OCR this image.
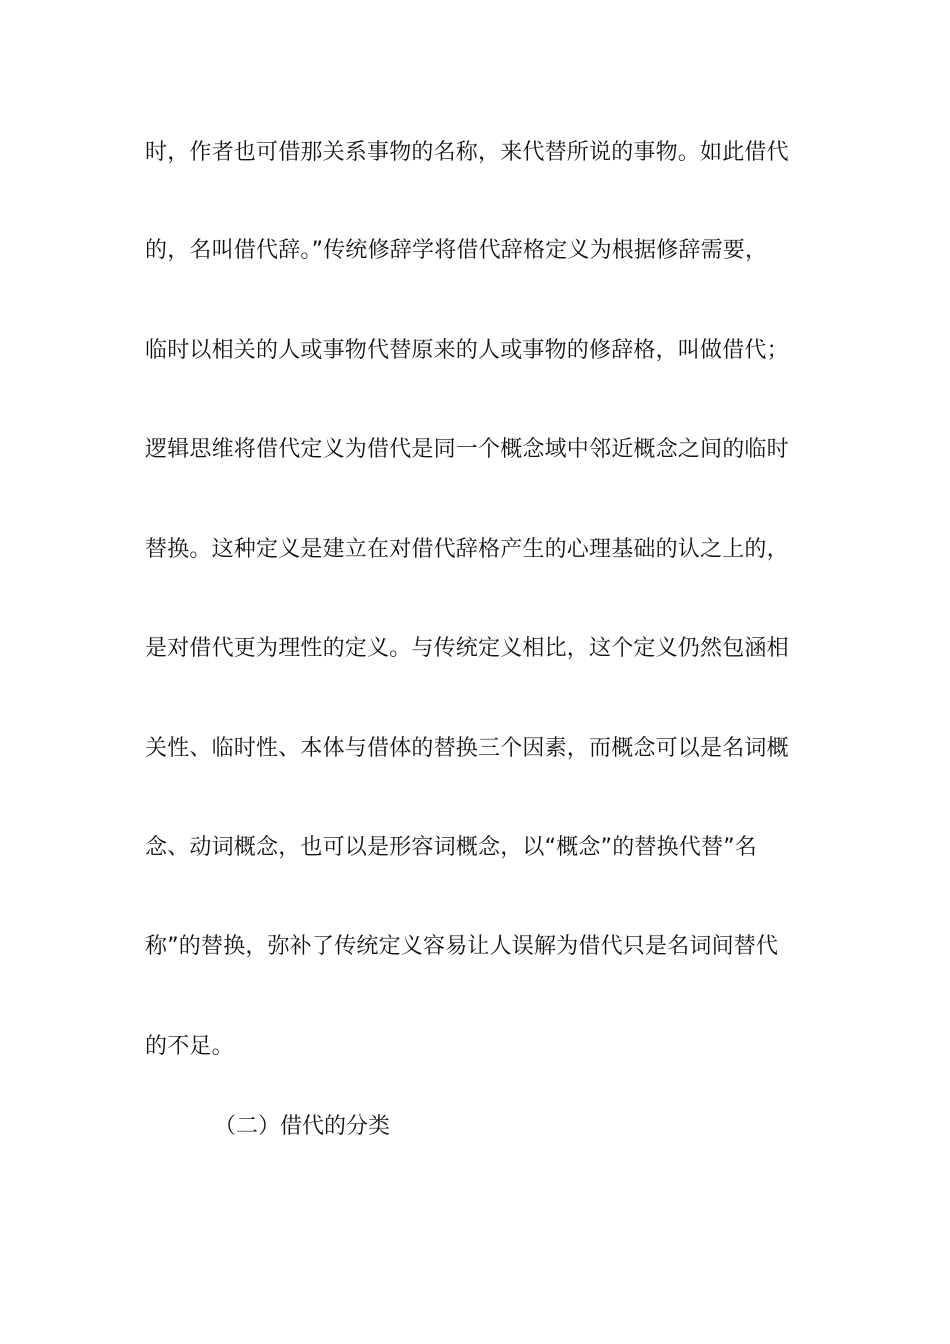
时，作者也可借那关系事物的名称，来代替所说的事物。如此借代
的，名叫借代辞。”传统修辞学将借代辞格定义为根据修辞需要，
临时以相关的人或事物代替原来的人或事物的修辞格，叫做借代；
逻辑思维将借代定义为借代是同一个概念域中邻近概念之间的临时
替换。这种定义是建立在对借代辞格产生的心理基础的认之上的，
是对借代更为理性的定义。与传统定义相比，这个定义仍然包涵相
关性、临时性、本体与借体的替换三个因素，而概念可以是名词概
念、动词概念，也可以是形容词概念，以“概念”的替换代替”名
称”的替换，弥补了传统定义容易让人误解为借代只是名词间替代
的不足。
（二）借代的分类
